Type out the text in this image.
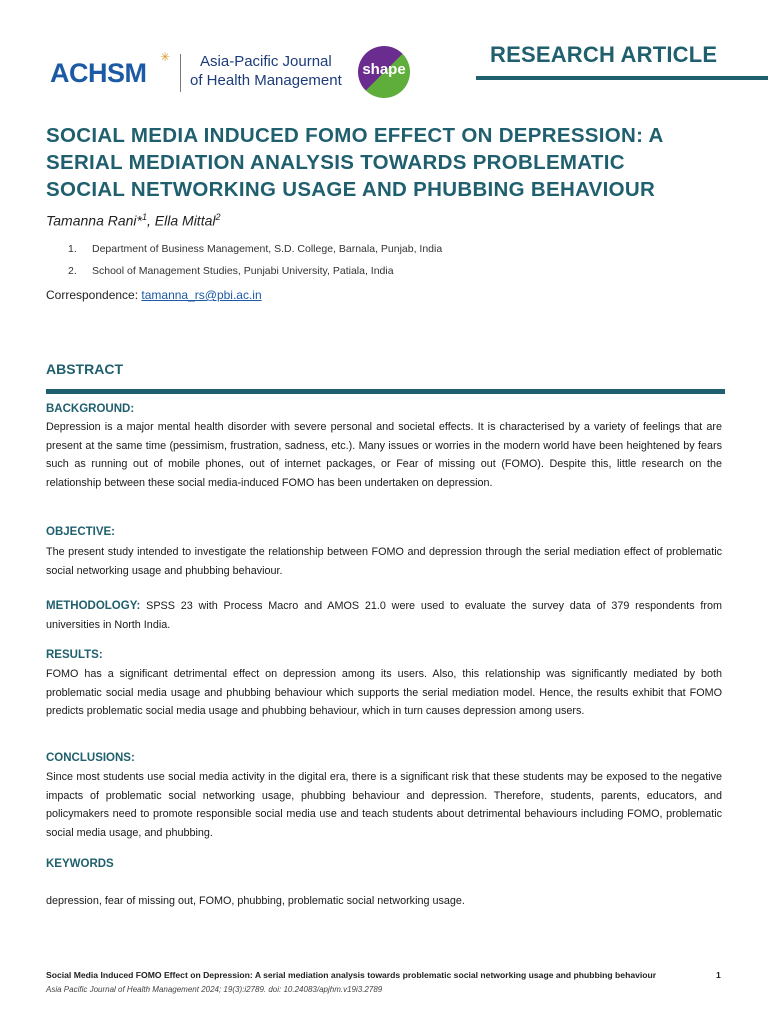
ACHSM
✳	Asia-Pacific Journal
of Health Management
shape
RESEARCH ARTICLE
SOCIAL MEDIA INDUCED FOMO EFFECT ON DEPRESSION: A
SERIAL MEDIATION ANALYSIS TOWARDS PROBLEMATIC
SOCIAL NETWORKING USAGE AND PHUBBING BEHAVIOUR
Tamanna Rani*$^1$, Ella Mittal$^2$
1. Department of Business Management, S.D. College, Barnala, Punjab, India
2. School of Management Studies, Punjabi University, Patiala, India
Correspondence: tamanna_rs@pbi.ac.in
ABSTRACT
BACKGROUND:
Depression is a major mental health disorder with severe personal and societal effects. It is characterised by a variety of feelings that are present at the same time (pessimism, frustration, sadness, etc.). Many issues or worries in the modern world have been heightened by fears such as running out of mobile phones, out of internet packages, or Fear of missing out (FOMO). Despite this, little research on the relationship between these social media-induced FOMO has been undertaken on depression.
OBJECTIVE:
The present study intended to investigate the relationship between FOMO and depression through the serial mediation effect of problematic social networking usage and phubbing behaviour.
METHODOLOGY: SPSS 23 with Process Macro and AMOS 21.0 were used to evaluate the survey data of 379 respondents from universities in North India.
RESULTS:
FOMO has a significant detrimental effect on depression among its users. Also, this relationship was significantly mediated by both problematic social media usage and phubbing behaviour which supports the serial mediation model. Hence, the results exhibit that FOMO predicts problematic social media usage and phubbing behaviour, which in turn causes depression among users.
CONCLUSIONS:
Since most students use social media activity in the digital era, there is a significant risk that these students may be exposed to the negative impacts of problematic social networking usage, phubbing behaviour and depression. Therefore, students, parents, educators, and policymakers need to promote responsible social media use and teach students about detrimental behaviours including FOMO, problematic social media usage, and phubbing.
KEYWORDS
depression, fear of missing out, FOMO, phubbing, problematic social networking usage.
Social Media Induced FOMO Effect on Depression: A serial mediation analysis towards problematic social networking usage and phubbing behaviour	1
Asia Pacific Journal of Health Management 2024; 19(3):i2789. doi: 10.24083/apjhm.v19i3.2789
